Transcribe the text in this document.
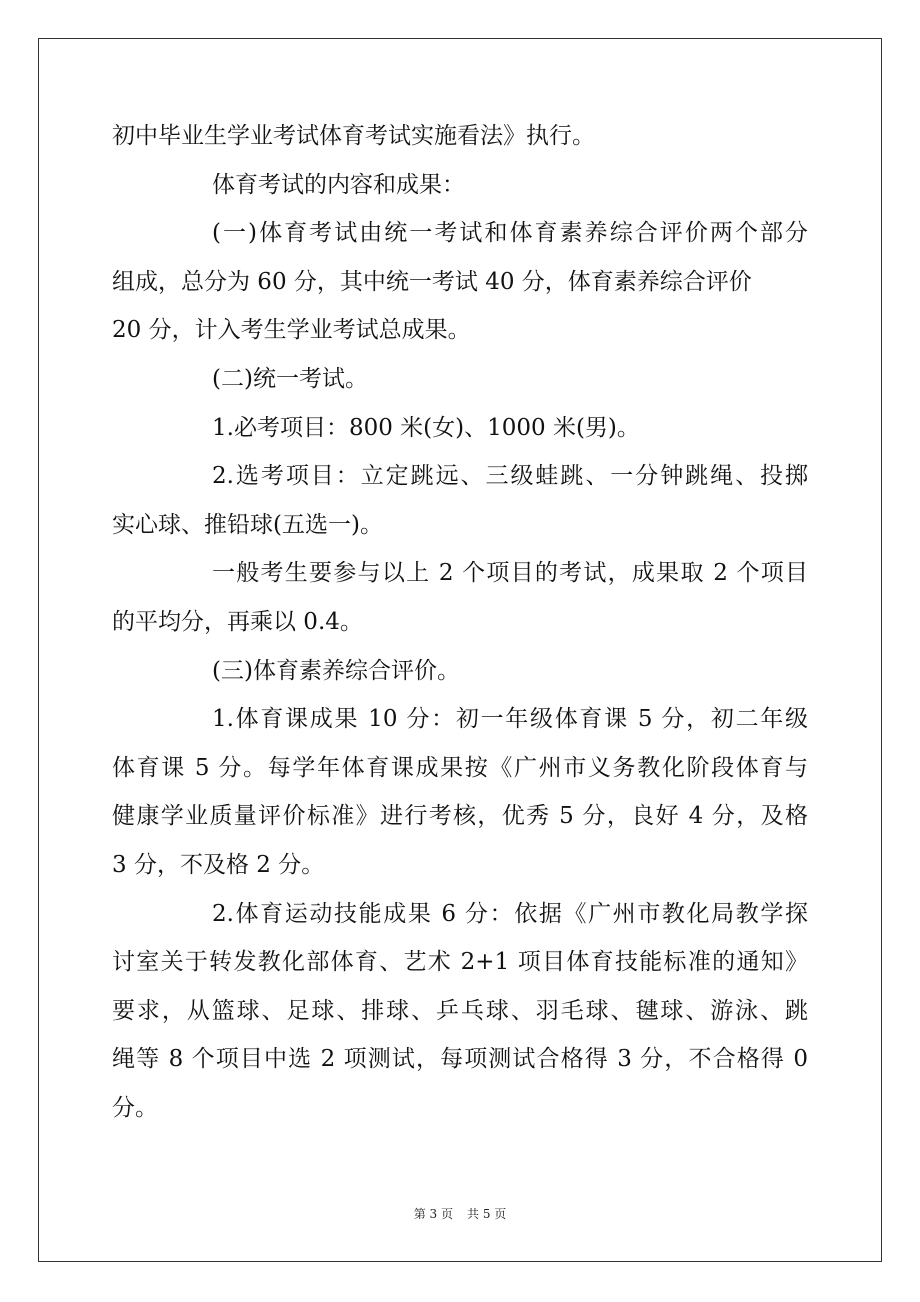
初中毕业生学业考试体育考试实施看法》执行。
体育考试的内容和成果：
(一)体育考试由统一考试和体育素养综合评价两个部分
组成，总分为 60 分，其中统一考试 40 分，体育素养综合评价
20 分，计入考生学业考试总成果。
(二)统一考试。
1.必考项目：800 米(女)、1000 米(男)。
2.选考项目：立定跳远、三级蛙跳、一分钟跳绳、投掷
实心球、推铅球(五选一)。
一般考生要参与以上 2 个项目的考试，成果取 2 个项目
的平均分，再乘以 0.4。
(三)体育素养综合评价。
1.体育课成果 10 分：初一年级体育课 5 分，初二年级
体育课 5 分。每学年体育课成果按《广州市义务教化阶段体育与
健康学业质量评价标准》进行考核，优秀 5 分，良好 4 分，及格
3 分，不及格 2 分。
2.体育运动技能成果 6 分：依据《广州市教化局教学探
讨室关于转发教化部体育、艺术 2+1 项目体育技能标准的通知》
要求，从篮球、足球、排球、乒乓球、羽毛球、毽球、游泳、跳
绳等 8 个项目中选 2 项测试，每项测试合格得 3 分，不合格得 0
分。
第 3 页 共 5 页
